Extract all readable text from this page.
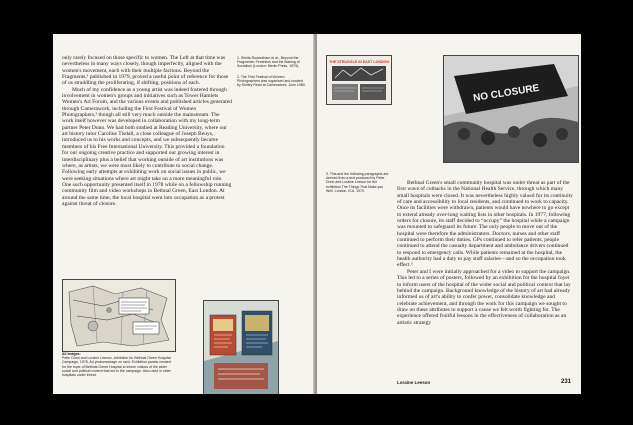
only rarely focused on those specific to women. The Left at that time was nevertheless in many ways closely, though imperfectly, aligned with the women's movement, each with their multiple factions. Beyond the Fragments,¹ published in 1979, proved a useful point of reference for those of us straddling the proliferating, if shifting, positions of each.

Much of my confidence as a young artist was indeed fostered through involvement in women's groups and initiatives such as Tower Hamlets Women's Art Forum, and the various events and published articles generated through Camerawork, including the First Festival of Women Photographers,² though all still very much outside the mainstream. The work itself however was developed in collaboration with my long-term partner Peter Dunn. We had both studied at Reading University, where our art history tutor Caroline Tisdall, a close colleague of Joseph Beuys, introduced us to his works and concepts, and we subsequently became members of his Free International University. This provided a foundation for our ongoing creative practice and supported our growing interest in interdisciplinary plus a belief that working outside of art institutions was where, as artists, we were most likely to contribute to social change. Following early attempts at exhibiting work on social issues in public, we were seeking situations where art might take on a more meaningful role. One such opportunity presented itself in 1978 while on a fellowship running community film and video workshops in Bethnal Green, East London. At around the same time, the local hospital went into occupation as a protest against threat of closure.

1. Sheila Rowbotham et al., Beyond the Fragments: Feminism and the Making of Socialism (London: Merlin Press, 1979).
2. The First Festival of Women Photographers was organised and curated by Shirley Read at Camerawork, June 1980.
All images:
Peter Dunn and Loraine Leeson, exhibition for Bethnal Green Hospital Campaign, 1978. Ad photomontage on card. Exhibition panels created for the foyer of Bethnal Green Hospital to inform visitors of the wider social and political context that led to the campaign. Also used in other hospitals under threat.
THE STRUGGLE IN EAST LONDON
NO CLOSURE
3. This and the following paragraphs are derived from a text produced by Peter Dunn and Loraine Leeson for the exhibition The Things That Make you Well, London, ICA, 1979.

Bethnal Green's small community hospital was under threat as part of the first wave of cutbacks in the National Health Service, through which many small hospitals were closed. It was nevertheless highly valued for its continuity of care and accessibility to local residents, and continued to work to capacity. Once its facilities were withdrawn, patients would have nowhere to go except to extend already over-long waiting lists in other hospitals. In 1977, following orders for closure, its staff decided to “occupy” the hospital while a campaign was mounted to safeguard its future. The only people to move out of the hospital were therefore the administrators. Doctors, nurses and other staff continued to perform their duties, GPs continued to refer patients, people continued to attend the casualty department and ambulance drivers continued to respond to emergency calls. While patients remained at the hospital, the health authority had a duty to pay staff salaries—and so the occupation took effect.³

Peter and I were initially approached for a video to support the campaign. This led to a series of posters, followed by an exhibition for the hospital foyer to inform users of the hospital of the wider social and political context that lay behind the campaign. Background knowledge of the history of art had already informed us of art's ability to confer power, consolidate knowledge and celebrate achievement, and through the work for this campaign we sought to draw on these attributes to support a cause we felt worth fighting for. The experience offered fruitful lessons in the effectiveness of collaboration as an artistic strategy

Loraine Leeson	231
